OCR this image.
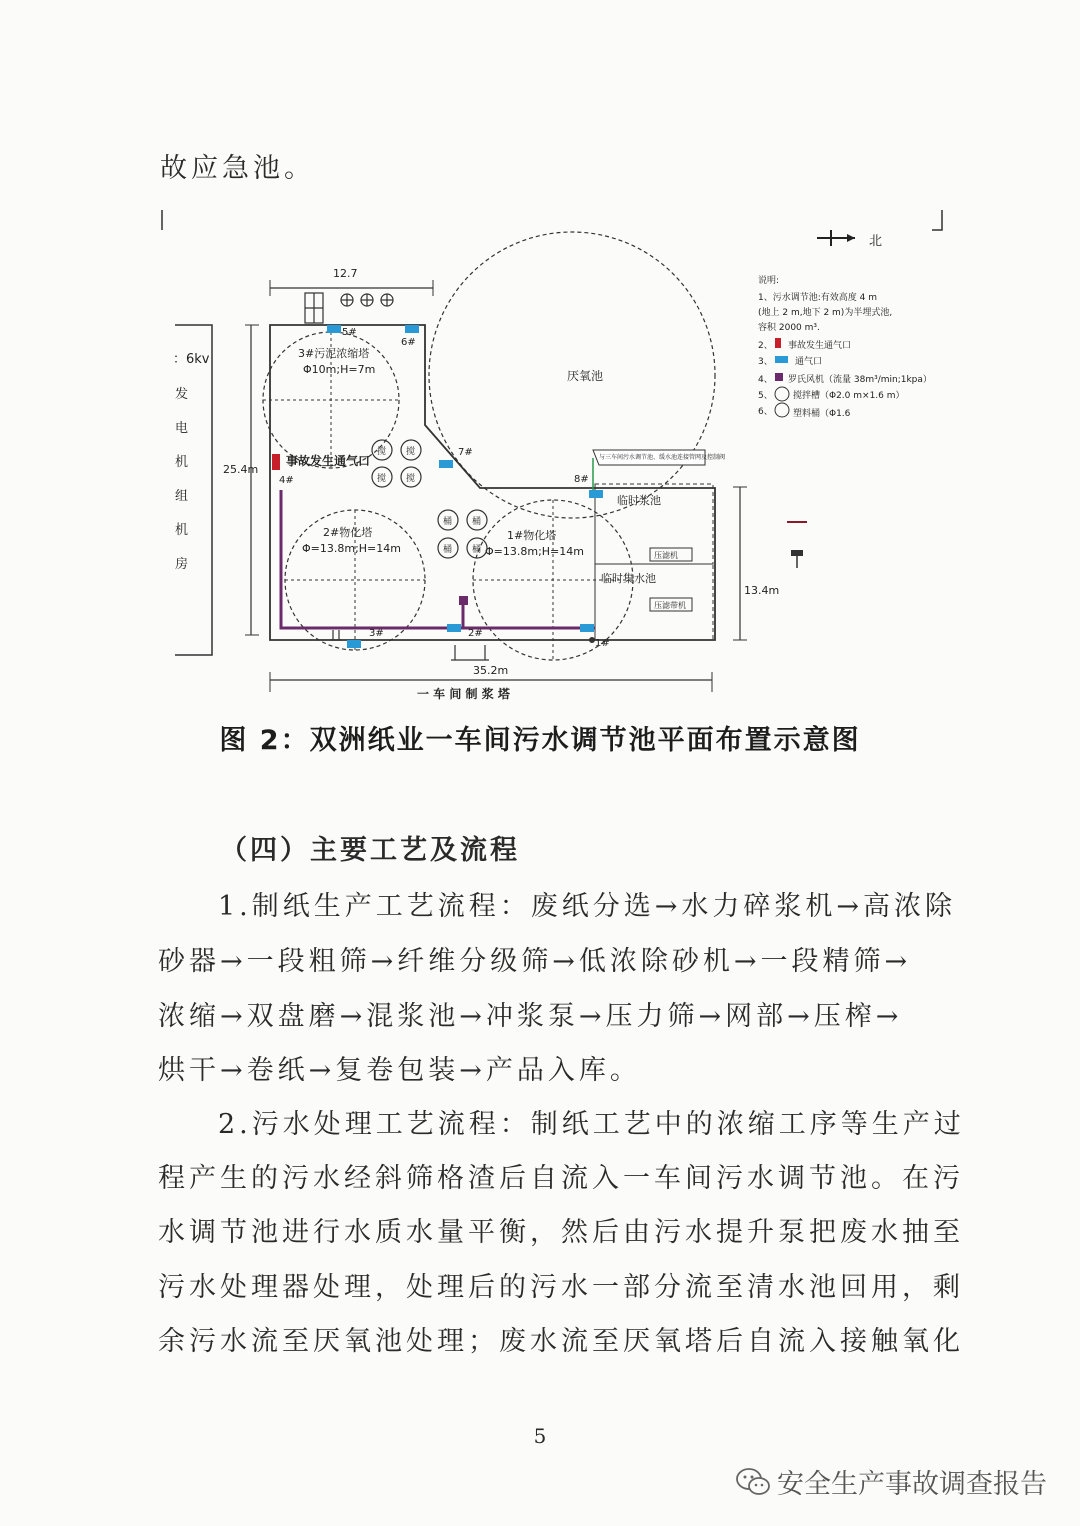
故应急池。
北
：6kv
发
电
机
组
机
房
12.7
25.4m
13.4m
35.2m
一 车 间 制 浆 塔
临时浆池
临时集水池
压滤机
压滤带机
厌氧池
3#污泥浓缩塔
Φ10m;H=7m
2#物化塔
Φ=13.8m;H=14m
1#物化塔
Φ=13.8m;H=14m
搅 搅
搅 搅
桶 桶
桶 桶
事故发生通气口
5#
6#
7#
8#
4#
3#	2#
1#
与三车间污水调节池、缓水池连接管网及控制阀
说明:
1、污水调节池:有效高度 4 m
(地上 2 m,地下 2 m)为半埋式池,
容积 2000 m³.
2、 事故发生通气口
3、 通气口
4、 罗氏风机（流量 38m³/min;1kpa）
5、 搅拌槽（Φ2.0 m×1.6 m）
6、 塑料桶（Φ1.6
图 2：双洲纸业一车间污水调节池平面布置示意图
（四）主要工艺及流程
1.制纸生产工艺流程：废纸分选→水力碎浆机→高浓除
砂器→一段粗筛→纤维分级筛→低浓除砂机→一段精筛→
浓缩→双盘磨→混浆池→冲浆泵→压力筛→网部→压榨→
烘干→卷纸→复卷包装→产品入库。
2.污水处理工艺流程：制纸工艺中的浓缩工序等生产过
程产生的污水经斜筛格渣后自流入一车间污水调节池。在污
水调节池进行水质水量平衡，然后由污水提升泵把废水抽至
污水处理器处理，处理后的污水一部分流至清水池回用，剩
余污水流至厌氧池处理；废水流至厌氧塔后自流入接触氧化
5
安全生产事故调查报告
